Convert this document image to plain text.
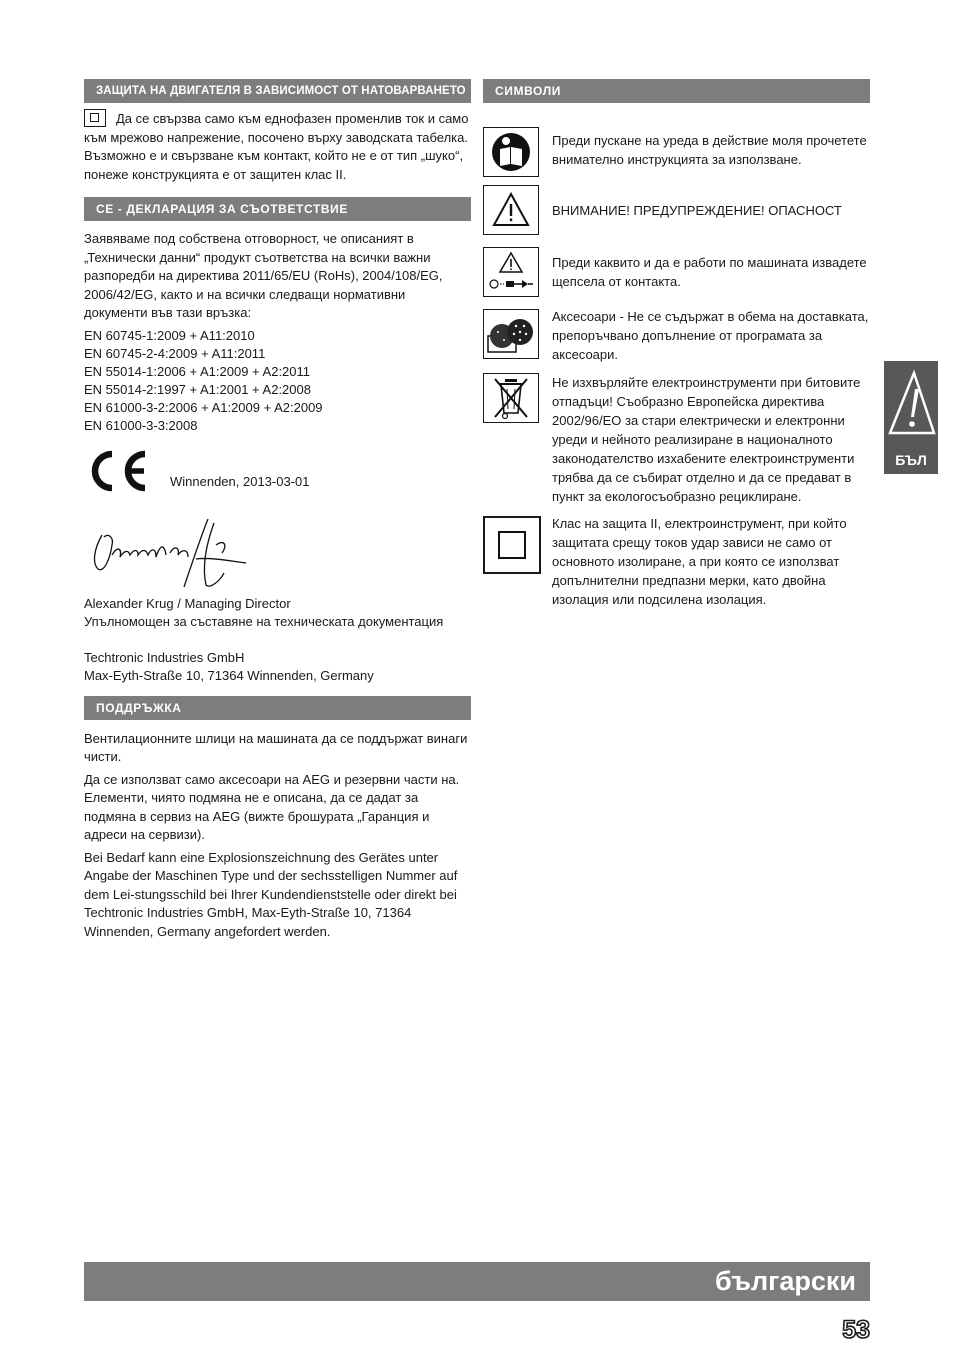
ЗАЩИТА НА ДВИГАТЕЛЯ В ЗАВИСИМОСТ ОТ НАТОВАРВАНЕТО

Да се свързва само към еднофазен променлив ток и само към мрежово напрежение, посочено върху заводската табелка. Възможно е и свързване към контакт, който не е от тип „шуко“, понеже конструкцията е от защитен клас II.

CE - ДЕКЛАРАЦИЯ ЗА СЪОТВЕТСТВИЕ

Заявяваме под собствена отговорност, че описаният в „Технически данни“ продукт съответства на всички важни разпоредби на директива 2011/65/EU (RoHs), 2004/108/EG, 2006/42/EG, както и на всички следващи нормативни документи във тази връзка:

EN 60745-1:2009 + A11:2010
EN 60745-2-4:2009 + A11:2011
EN 55014-1:2006 + A1:2009 + A2:2011
EN 55014-2:1997 + A1:2001 + A2:2008
EN 61000-3-2:2006 + A1:2009 + A2:2009
EN 61000-3-3:2008
Winnenden, 2013-03-01
Alexander Krug / Managing Director
Упълномощен за съставяне на техническата документация
Techtronic Industries GmbH
Max-Eyth-Straße 10, 71364 Winnenden, Germany
ПОДДРЪЖКА

Вентилационните шлици на машината да се поддържат винаги чисти.

Да се използват само аксесоари на AEG и резервни части на. Елементи, чиято подмяна не е описана, да се дадат за подмяна в сервиз на AEG (вижте брошурата „Гаранция и адреси на сервизи).

Bei Bedarf kann eine Explosionszeichnung des Gerätes unter Angabe der Maschinen Type und der sechsstelligen Nummer auf dem Lei-stungsschild bei Ihrer Kundendienststelle oder direkt bei Techtronic Industries GmbH, Max-Eyth-Straße 10, 71364 Winnenden, Germany angefordert werden.

СИМВОЛИ
Преди пускане на уреда в действие моля прочетете внимателно инструкцията за използване.
ВНИМАНИЕ! ПРЕДУПРЕЖДЕНИЕ! ОПАСНОСТ
Преди каквито и да е работи по машината извадете щепсела от контакта.
Аксесоари - Не се съдържат в обема на доставката, препоръчвано допълнение от програмата за аксесоари.
Не изхвърляйте електроинструменти при битовите отпадъци! Съобразно Европейска директива 2002/96/ЕО за стари електрически и електронни уреди и нейното реализиране в националното законодателство изхабените електроинструменти трябва да се събират отделно и да се предават в пункт за екологосъобразно рециклиране.
Клас на защита II, електроинструмент, при който защитата срещу токов удар зависи не само от основното изолиране, а при която се използват допълнителни предпазни мерки, като двойна изолация или подсилена изолация.
БЪЛ
български
53
